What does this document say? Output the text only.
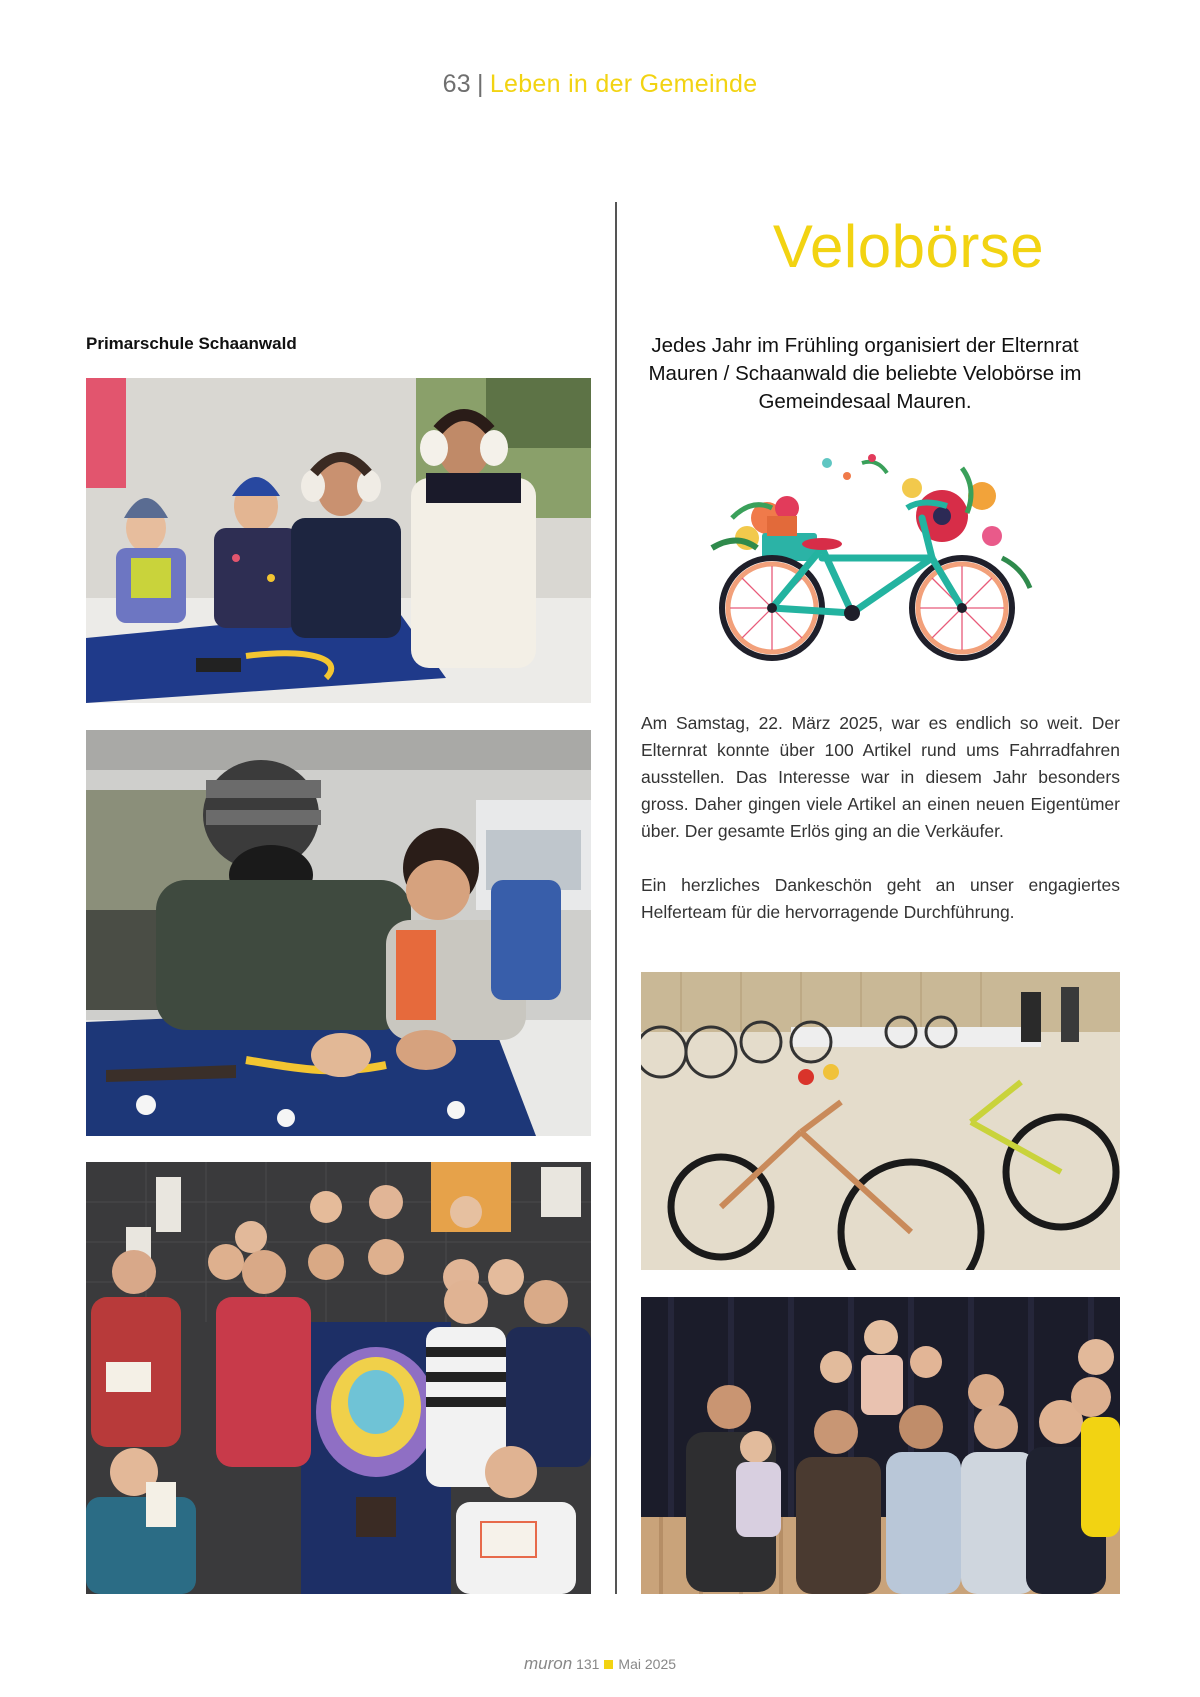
63 | Leben in der Gemeinde
Primarschule Schaanwald
Velobörse
Jedes Jahr im Frühling organisiert der Elternrat Mauren / Schaanwald die beliebte Velobörse im Gemeindesaal Mauren.

Am Samstag, 22. März 2025, war es endlich so weit. Der Elternrat konnte über 100 Artikel rund ums Fahrradfahren ausstellen. Das Interesse war in diesem Jahr besonders gross. Daher gingen viele Artikel an einen neuen Eigentümer über. Der gesamte Erlös ging an die Verkäufer.

Ein herzliches Dankeschön geht an unser engagiertes Helferteam für die hervorragende Durchführung.

muron 131 Mai 2025
